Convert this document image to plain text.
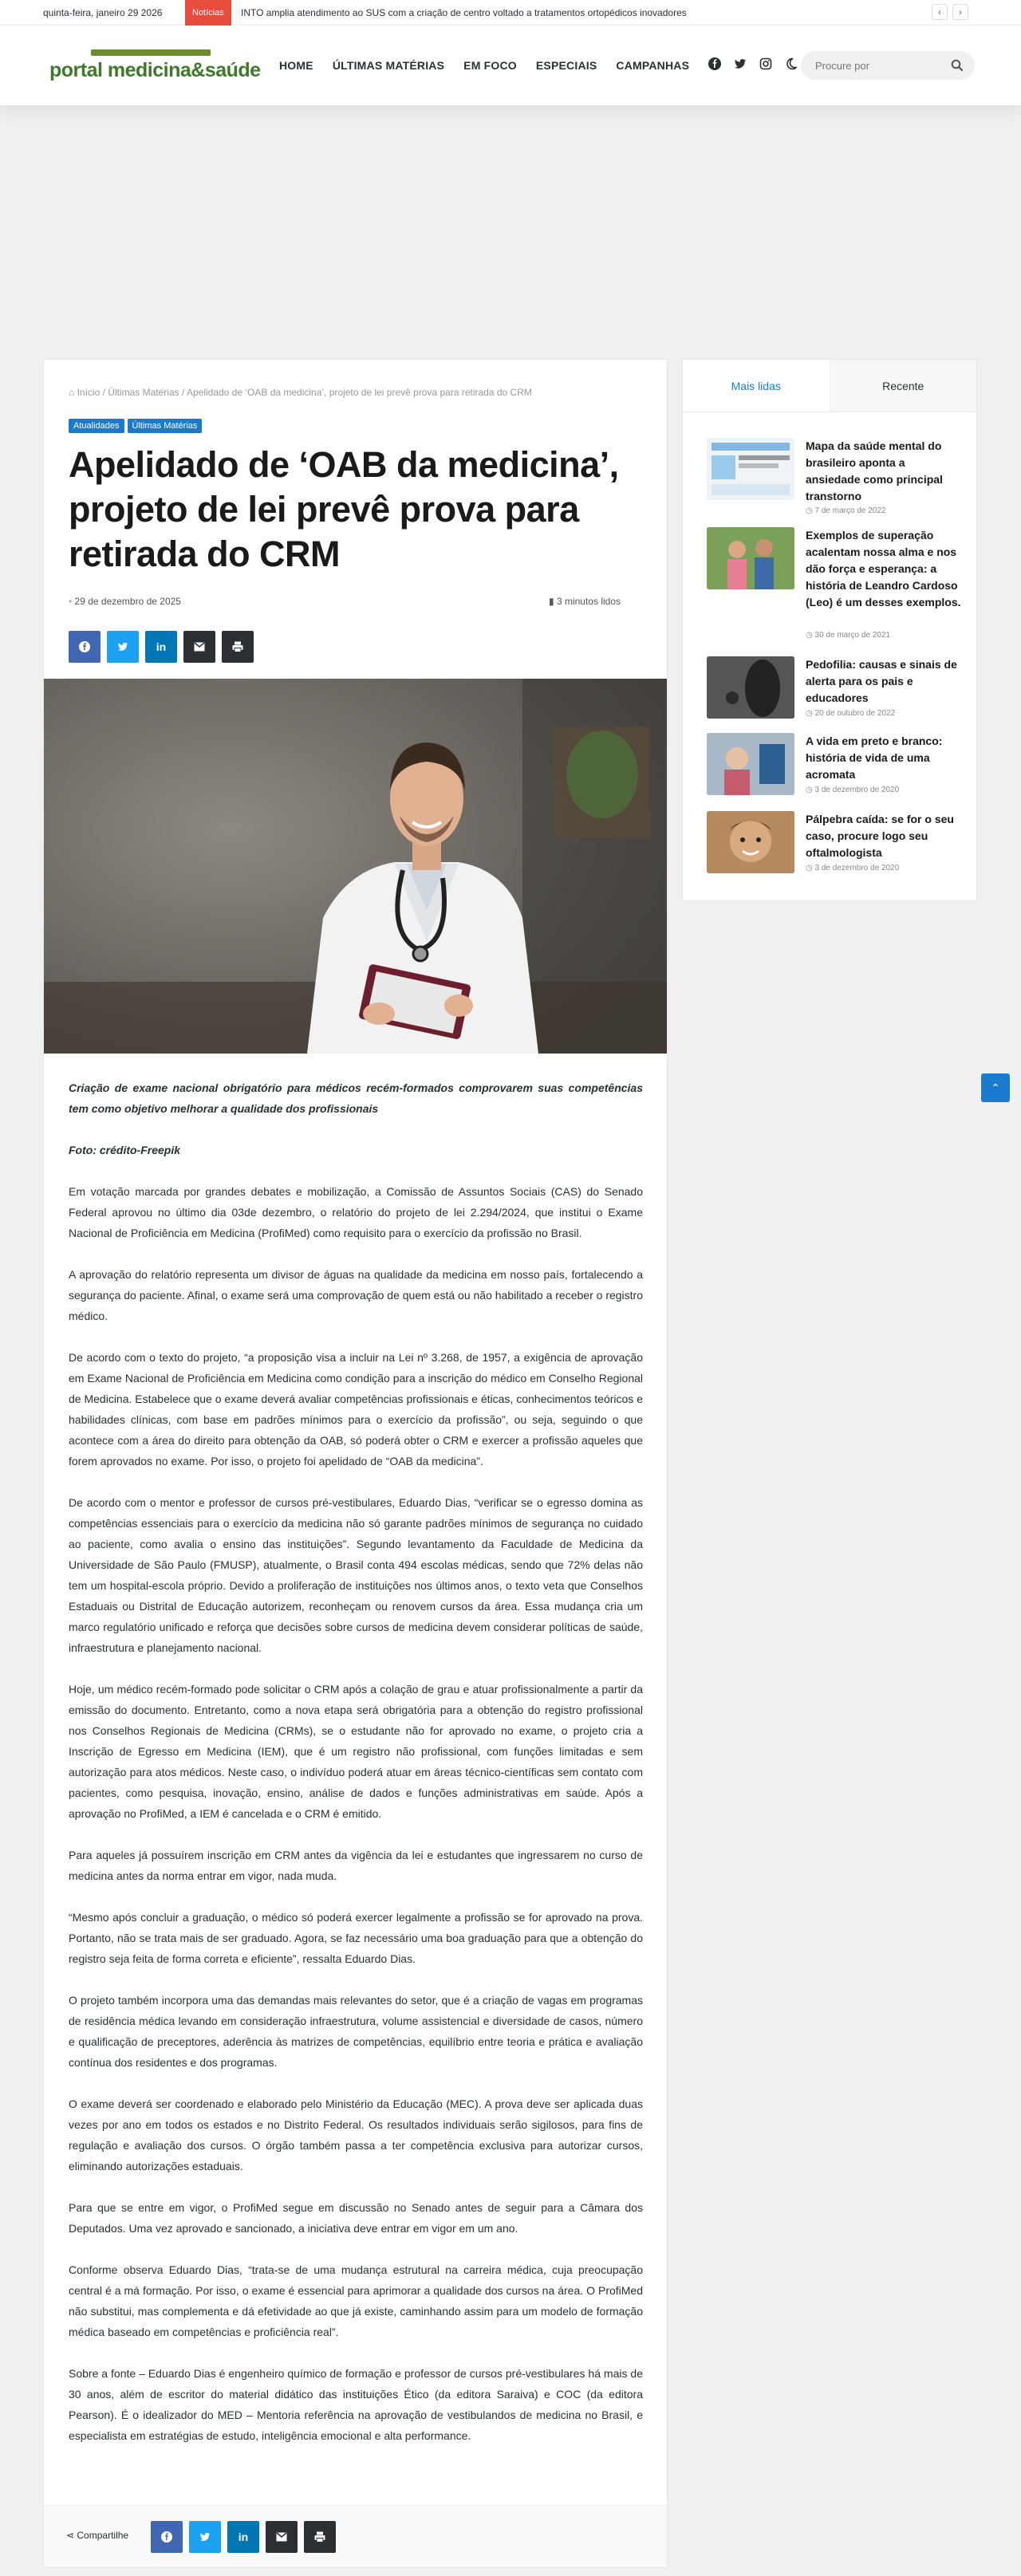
quinta-feira, janeiro 29 2026	Notícias	INTO amplia atendimento ao SUS com a criação de centro voltado a tratamentos ortopédicos inovadores	‹	›
portal medicina&saúde	HOME	ÚLTIMAS MATÉRIAS	EM FOCO	ESPECIAIS	CAMPANHAS
Procure por
⌂ Início / Últimas Matérias / Apelidado de ‘OAB da medicina’, projeto de lei prevê prova para retirada do CRM
Atualidades	Últimas Matérias
Apelidado de ‘OAB da medicina’, projeto de lei prevê prova para retirada do CRM
• 29 de dezembro de 2025	▮ 3 minutos lidos
in

Criação de exame nacional obrigatório para médicos recém-formados comprovarem suas competências tem como objetivo melhorar a qualidade dos profissionais

Foto: crédito-Freepik

Em votação marcada por grandes debates e mobilização, a Comissão de Assuntos Sociais (CAS) do Senado Federal aprovou no último dia 03de dezembro, o relatório do projeto de lei 2.294/2024, que institui o Exame Nacional de Proficiência em Medicina (ProfiMed) como requisito para o exercício da profissão no Brasil.

A aprovação do relatório representa um divisor de águas na qualidade da medicina em nosso país, fortalecendo a segurança do paciente. Afinal, o exame será uma comprovação de quem está ou não habilitado a receber o registro médico.

De acordo com o texto do projeto, “a proposição visa a incluir na Lei nº 3.268, de 1957, a exigência de aprovação em Exame Nacional de Proficiência em Medicina como condição para a inscrição do médico em Conselho Regional de Medicina. Estabelece que o exame deverá avaliar competências profissionais e éticas, conhecimentos teóricos e habilidades clínicas, com base em padrões mínimos para o exercício da profissão”, ou seja, seguindo o que acontece com a área do direito para obtenção da OAB, só poderá obter o CRM e exercer a profissão aqueles que forem aprovados no exame. Por isso, o projeto foi apelidado de “OAB da medicina”.

De acordo com o mentor e professor de cursos pré-vestibulares, Eduardo Dias, “verificar se o egresso domina as competências essenciais para o exercício da medicina não só garante padrões mínimos de segurança no cuidado ao paciente, como avalia o ensino das instituições”. Segundo levantamento da Faculdade de Medicina da Universidade de São Paulo (FMUSP), atualmente, o Brasil conta 494 escolas médicas, sendo que 72% delas não tem um hospital-escola próprio. Devido a proliferação de instituições nos últimos anos, o texto veta que Conselhos Estaduais ou Distrital de Educação autorizem, reconheçam ou renovem cursos da área. Essa mudança cria um marco regulatório unificado e reforça que decisões sobre cursos de medicina devem considerar políticas de saúde, infraestrutura e planejamento nacional.

Hoje, um médico recém-formado pode solicitar o CRM após a colação de grau e atuar profissionalmente a partir da emissão do documento. Entretanto, como a nova etapa será obrigatória para a obtenção do registro profissional nos Conselhos Regionais de Medicina (CRMs), se o estudante não for aprovado no exame, o projeto cria a Inscrição de Egresso em Medicina (IEM), que é um registro não profissional, com funções limitadas e sem autorização para atos médicos. Neste caso, o indivíduo poderá atuar em áreas técnico-científicas sem contato com pacientes, como pesquisa, inovação, ensino, análise de dados e funções administrativas em saúde. Após a aprovação no ProfiMed, a IEM é cancelada e o CRM é emitido.

Para aqueles já possuírem inscrição em CRM antes da vigência da lei e estudantes que ingressarem no curso de medicina antes da norma entrar em vigor, nada muda.

“Mesmo após concluir a graduação, o médico só poderá exercer legalmente a profissão se for aprovado na prova. Portanto, não se trata mais de ser graduado. Agora, se faz necessário uma boa graduação para que a obtenção do registro seja feita de forma correta e eficiente”, ressalta Eduardo Dias.

O projeto também incorpora uma das demandas mais relevantes do setor, que é a criação de vagas em programas de residência médica levando em consideração infraestrutura, volume assistencial e diversidade de casos, número e qualificação de preceptores, aderência às matrizes de competências, equilíbrio entre teoria e prática e avaliação contínua dos residentes e dos programas.

O exame deverá ser coordenado e elaborado pelo Ministério da Educação (MEC). A prova deve ser aplicada duas vezes por ano em todos os estados e no Distrito Federal. Os resultados individuais serão sigilosos, para fins de regulação e avaliação dos cursos. O órgão também passa a ter competência exclusiva para autorizar cursos, eliminando autorizações estaduais.

Para que se entre em vigor, o ProfiMed segue em discussão no Senado antes de seguir para a Câmara dos Deputados. Uma vez aprovado e sancionado, a iniciativa deve entrar em vigor em um ano.

Conforme observa Eduardo Dias, “trata-se de uma mudança estrutural na carreira médica, cuja preocupação central é a má formação. Por isso, o exame é essencial para aprimorar a qualidade dos cursos na área. O ProfiMed não substitui, mas complementa e dá efetividade ao que já existe, caminhando assim para um modelo de formação médica baseado em competências e proficiência real”.

Sobre a fonte – Eduardo Dias é engenheiro químico de formação e professor de cursos pré-vestibulares há mais de 30 anos, além de escritor do material didático das instituições Ético (da editora Saraiva) e COC (da editora Pearson). É o idealizador do MED – Mentoria referência na aprovação de vestibulandos de medicina no Brasil, e especialista em estratégias de estudo, inteligência emocional e alta performance.

⋖ Compartilhe	in
Mais lidas	Recente
Mapa da saúde mental do brasileiro aponta a ansiedade como principal transtorno
◷ 7 de março de 2022
Exemplos de superação acalentam nossa alma e nos dão força e esperança: a história de Leandro Cardoso (Leo) é um desses exemplos.
◷ 30 de março de 2021
Pedofilia: causas e sinais de alerta para os pais e educadores
◷ 20 de outubro de 2022
A vida em preto e branco: história de vida de uma acromata
◷ 3 de dezembro de 2020
Pálpebra caída: se for o seu caso, procure logo seu oftalmologista
◷ 3 de dezembro de 2020
⌃
